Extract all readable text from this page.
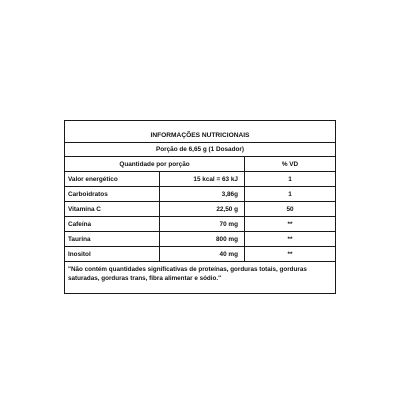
INFORMAÇÕES NUTRICIONAIS
Porção de 6,65 g (1 Dosador)
Quantidade por porção	% VD
Valor energético	15 kcal = 63 kJ	1
Carboidratos	3,86g	1
Vitamina C	22,50 g	50
Cafeína	70 mg	**
Taurina	800 mg	**
Inositol	40 mg	**
"Não contém quantidades significativas de proteínas, gorduras totais, gorduras saturadas, gorduras trans, fibra alimentar e sódio."
